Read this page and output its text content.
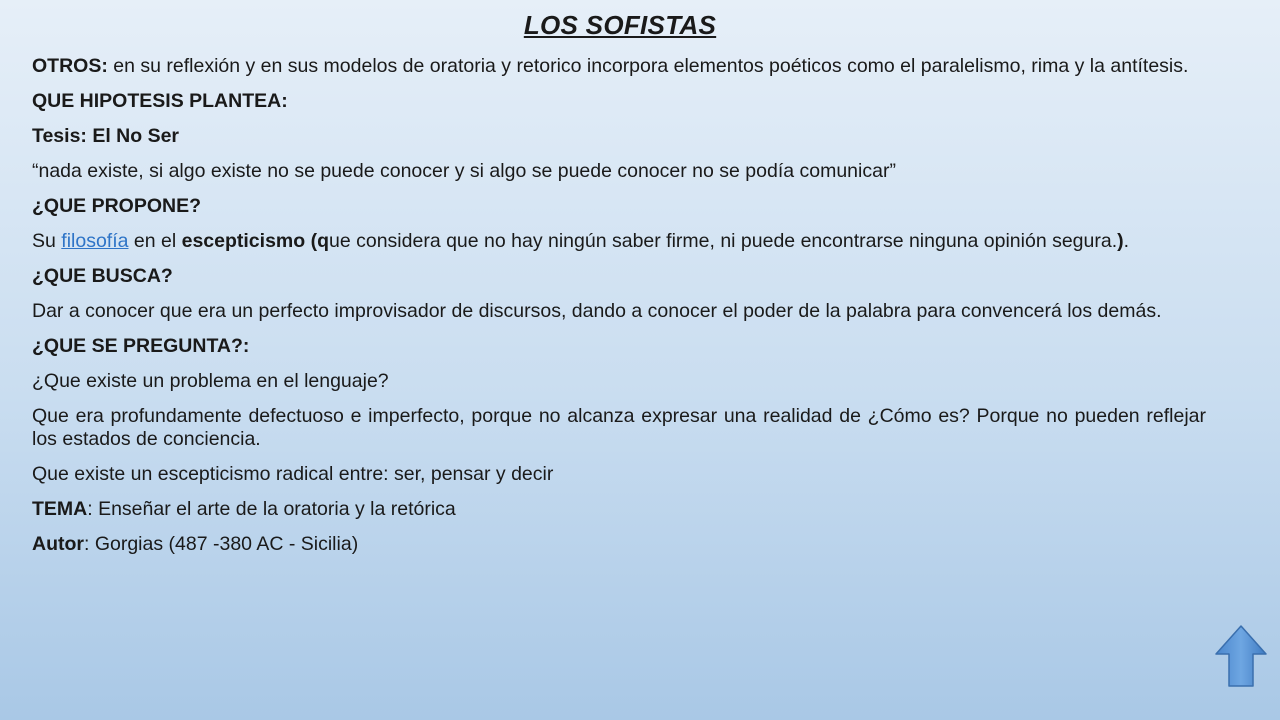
LOS SOFISTAS

OTROS: en su reflexión y en sus modelos de oratoria y retorico incorpora elementos poéticos como el paralelismo, rima y la antítesis.

QUE HIPOTESIS PLANTEA:

Tesis: El No Ser

“nada existe, si algo existe no se puede conocer y si algo se puede conocer no se podía comunicar”

¿QUE PROPONE?

Su filosofía en el escepticismo (que considera que no hay ningún saber firme, ni puede encontrarse ninguna opinión segura.).

¿QUE BUSCA?

Dar a conocer que era un perfecto improvisador de discursos, dando a conocer el poder de la palabra para convencerá los demás.

¿QUE SE PREGUNTA?:

¿Que existe un problema en el lenguaje?

Que era profundamente defectuoso e imperfecto, porque no alcanza expresar una realidad de ¿Cómo es? Porque no pueden reflejar los estados de conciencia.

Que existe un escepticismo radical entre: ser, pensar y decir

TEMA: Enseñar el arte de la oratoria y la retórica

Autor: Gorgias (487 -380 AC - Sicilia)
